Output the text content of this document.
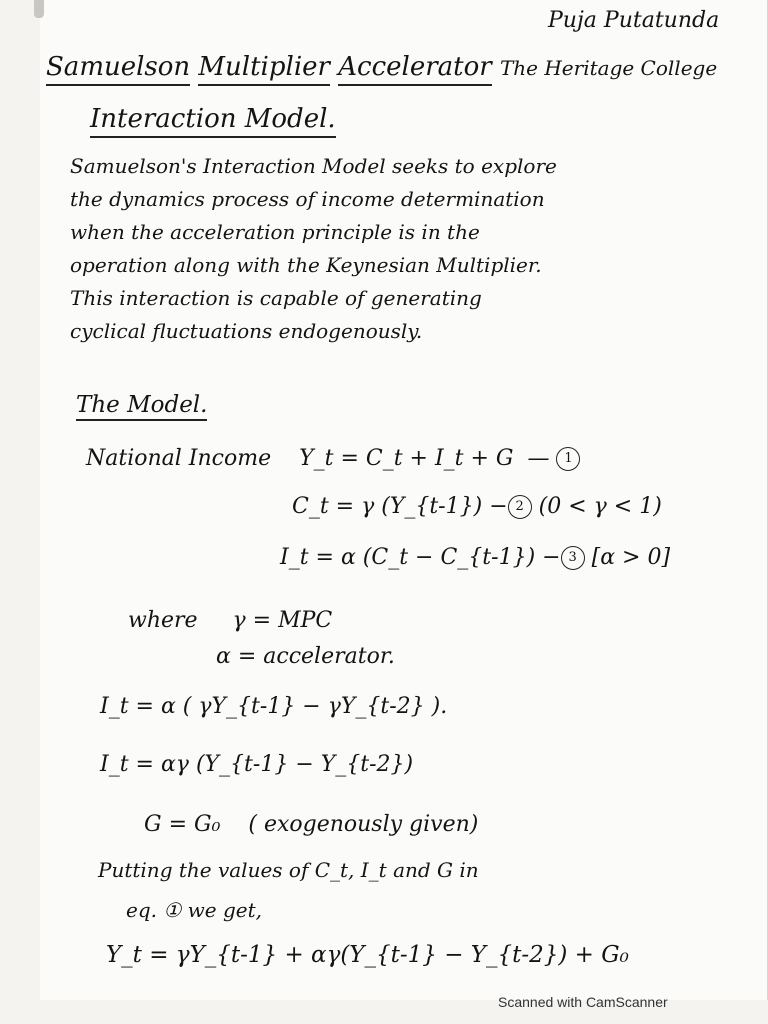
Puja Putatunda
Samuelson Multiplier Accelerator The Heritage College
Interaction Model.
Samuelson's Interaction Model seeks to explore
the dynamics process of income determination
when the acceleration principle is in the
operation along with the Keynesian Multiplier.
This interaction is capable of generating
cyclical fluctuations endogenously.
The Model.
National Income Y_t = C_t + I_t + G  — 1
C_t = γ (Y_{t-1}) − 2 (0 < γ < 1)
I_t = α (C_t − C_{t-1}) − 3 [α > 0]
where γ = MPC
α = accelerator.
I_t = α ( γY_{t-1} − γY_{t-2} ).
I_t = αγ (Y_{t-1} − Y_{t-2})
G = G₀ ( exogenously given)
Putting the values of C_t, I_t and G in
eq. ① we get,
Y_t = γY_{t-1} + αγ(Y_{t-1} − Y_{t-2}) + G₀
Scanned with CamScanner
